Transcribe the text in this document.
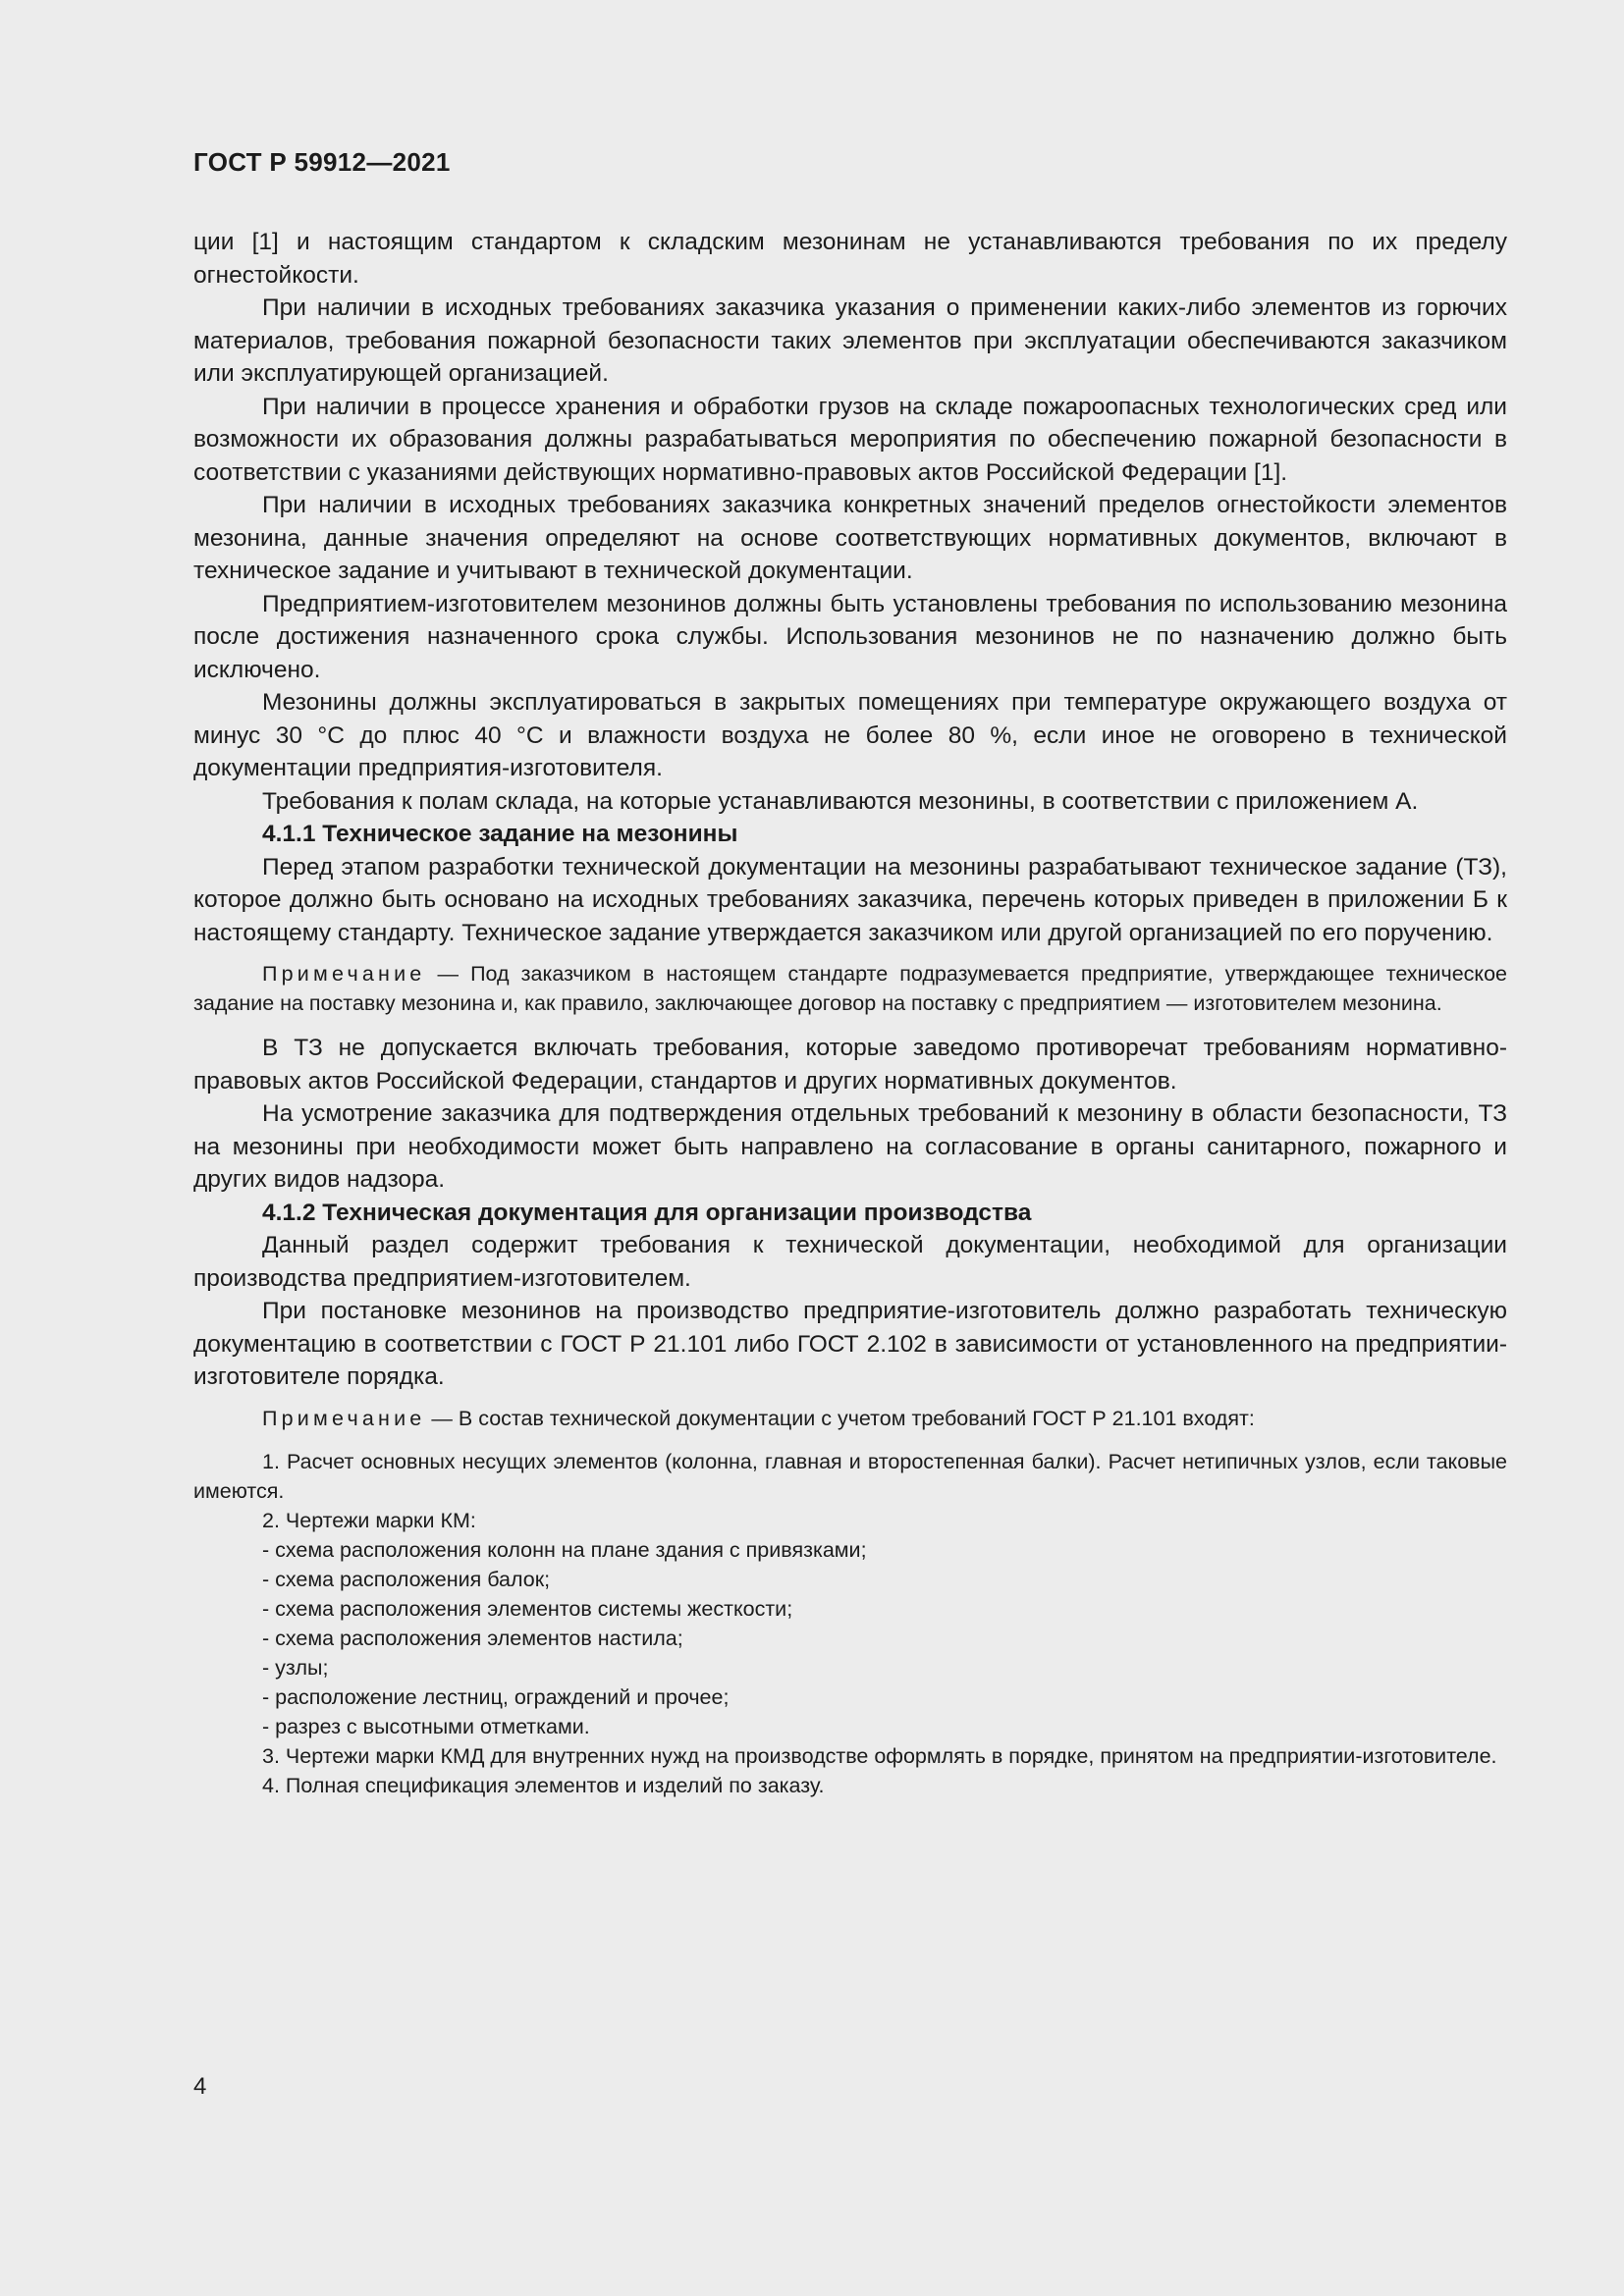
ГОСТ Р 59912—2021

ции [1] и настоящим стандартом к складским мезонинам не устанавливаются требования по их пределу огнестойкости.

При наличии в исходных требованиях заказчика указания о применении каких-либо элементов из горючих материалов, требования пожарной безопасности таких элементов при эксплуатации обеспечиваются заказчиком или эксплуатирующей организацией.

При наличии в процессе хранения и обработки грузов на складе пожароопасных технологических сред или возможности их образования должны разрабатываться мероприятия по обеспечению пожарной безопасности в соответствии с указаниями действующих нормативно-правовых актов Российской Федерации [1].

При наличии в исходных требованиях заказчика конкретных значений пределов огнестойкости элементов мезонина, данные значения определяют на основе соответствующих нормативных документов, включают в техническое задание и учитывают в технической документации.

Предприятием-изготовителем мезонинов должны быть установлены требования по использованию мезонина после достижения назначенного срока службы. Использования мезонинов не по назначению должно быть исключено.

Мезонины должны эксплуатироваться в закрытых помещениях при температуре окружающего воздуха от минус 30 °C до плюс 40 °C и влажности воздуха не более 80 %, если иное не оговорено в технической документации предприятия-изготовителя.

Требования к полам склада, на которые устанавливаются мезонины, в соответствии с приложением А.

4.1.1 Техническое задание на мезонины

Перед этапом разработки технической документации на мезонины разрабатывают техническое задание (ТЗ), которое должно быть основано на исходных требованиях заказчика, перечень которых приведен в приложении Б к настоящему стандарту. Техническое задание утверждается заказчиком или другой организацией по его поручению.

Примечание — Под заказчиком в настоящем стандарте подразумевается предприятие, утверждающее техническое задание на поставку мезонина и, как правило, заключающее договор на поставку с предприятием — изготовителем мезонина.

В ТЗ не допускается включать требования, которые заведомо противоречат требованиям нормативно-правовых актов Российской Федерации, стандартов и других нормативных документов.

На усмотрение заказчика для подтверждения отдельных требований к мезонину в области безопасности, ТЗ на мезонины при необходимости может быть направлено на согласование в органы санитарного, пожарного и других видов надзора.

4.1.2 Техническая документация для организации производства

Данный раздел содержит требования к технической документации, необходимой для организации производства предприятием-изготовителем.

При постановке мезонинов на производство предприятие-изготовитель должно разработать техническую документацию в соответствии с ГОСТ Р 21.101 либо ГОСТ 2.102 в зависимости от установленного на предприятии-изготовителе порядка.

Примечание — В состав технической документации с учетом требований ГОСТ Р 21.101 входят:

1. Расчет основных несущих элементов (колонна, главная и второстепенная балки). Расчет нетипичных узлов, если таковые имеются.

2. Чертежи марки КМ:

- схема расположения колонн на плане здания с привязками;

- схема расположения балок;

- схема расположения элементов системы жесткости;

- схема расположения элементов настила;

- узлы;

- расположение лестниц, ограждений и прочее;

- разрез с высотными отметками.

3. Чертежи марки КМД для внутренних нужд на производстве оформлять в порядке, принятом на предприятии-изготовителе.

4. Полная спецификация элементов и изделий по заказу.

4
